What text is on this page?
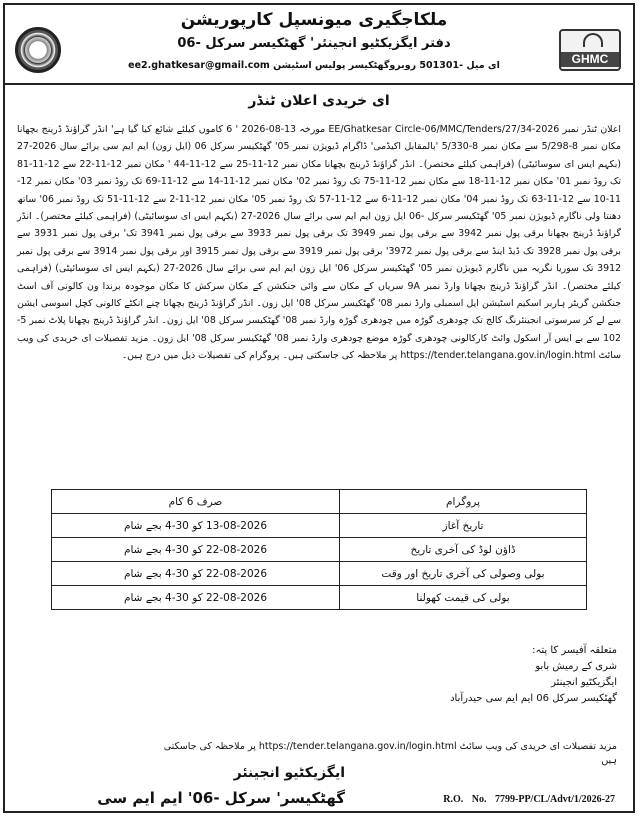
ملکاجگیری میونسپل کارپوریشن
دفتر ایگزیکٹیو انجینئر' گھٹکیسر سرکل -06
ee2.ghatkesar@gmail.com ای میل -501301 روبروگھٹکیسر پولیس اسٹیشن	GHMC
ای خریدی اعلان ٹنڈر
اعلان ٹنڈر نمبر 2026-27/34/EE/Ghatkesar Circle-06/MMC/Tenders مورخہ 13-08-2026 ' 6 کاموں کیلئے شائع کیا گیا ہے' انڈر گراؤنڈ ڈرینج بچھانا مکان نمبر 8-5/298 سے مکان نمبر 8-5/330 'بالمقابل اکیڈمی' ڈاگرام ڈیویژن نمبر 05' گھٹکیسر سرکل 06 (ایل زون) ایم ایم سی برائے سال 2026-27 (بکہم ایس ای سوسائیٹی) (فراہمی کیلئے مختصر)۔ انڈر گراؤنڈ ڈرینج بچھانا مکان نمبر 12-11-25 سے 12-11-44 ' مکان نمبر 12-11-22 سے 12-11-81 تک روڈ نمبر 01' مکان نمبر 12-11-18 سے مکان نمبر 12-11-75 تک روڈ نمبر 02' مکان نمبر 12-11-14 سے 12-11-69 تک روڈ نمبر 03' مکان نمبر 12-11-10 سے 12-11-63 تک روڈ نمبر 04' مکان نمبر 12-11-6 سے 12-11-57 تک روڈ نمبر 05' مکان نمبر 12-11-2 سے 12-11-51 تک روڈ نمبر 06' ساتھ دھنتا ولی ناگارم ڈیویژن نمبر 05' گھٹکیسر سرکل -06 ایل زون ایم ایم سی برائے سال 2026-27 (بکہم ایس ای سوسائیٹی) (فراہمی کیلئے مختصر)۔ انڈر گراؤنڈ ڈرینج بچھانا برقی پول نمبر 3942 سے برقی پول نمبر 3949 تک برقی پول نمبر 3933 سے برقی پول نمبر 3941 تک' برقی پول نمبر 3931 سے برقی پول نمبر 3928 تک ڈیڈ اینڈ سے برقی پول نمبر 3972' برقی پول نمبر 3919 سے برقی پول نمبر 3915 اور برقی پول نمبر 3914 سے برقی پول نمبر 3912 تک سوریا نگریہ میں ناگارم ڈیویژن نمبر 05' گھٹکیسر سرکل 06' ایل زون ایم ایم سی برائے سال 2026-27 (بکہم ایس ای سوسائیٹی) (فراہمی کیلئے مختصر)۔ انڈر گراؤنڈ ڈرینج بچھانا وارڈ نمبر 9A سریاں کے مکان سے وائی جنکشن کے مکان سرکش کا مکان موجودہ برندا ون کالونی آف اسٹ جنکشن گریٹر ہاربر اسکیم اسٹیشن ایل اسمبلی وارڈ نمبر 08' گھٹکیسر سرکل 08' ایل زون۔ انڈر گراؤنڈ ڈرینج بچھانا چنے انکٹے کالونی کچل اسوسی ایشن سے لے کر سرسوتی انجینئرنگ کالج تک چودھری گوڑہ میں چودھری گوڑہ وارڈ نمبر 08' گھٹکیسر سرکل 08' ایل زون۔ انڈر گراؤنڈ ڈرینج بچھانا پلاٹ نمبر 5-102 سے بے ایس آر اسکول وائٹ کارکالونی چودھری گوڑہ موضع چودھری وارڈ نمبر 08' گھٹکیسر سرکل 08' ایل زون۔ مزید تفصیلات ای خریدی کی ویب سائٹ https://tender.telangana.gov.in/login.html پر ملاحظہ کی جاسکتی ہیں۔ پروگرام کی تفصیلات ذیل میں درج ہیں۔
پروگرام	صرف 6 کام
تاریخ آغاز	13-08-2026 کو 30-4 بجے شام
ڈاؤن لوڈ کی آخری تاریخ	22-08-2026 کو 30-4 بجے شام
بولی وصولی کی آخری تاریخ اور وقت	22-08-2026 کو 30-4 بجے شام
بولی کی قیمت کھولنا	22-08-2026 کو 30-4 بجے شام
متعلقہ آفیسر کا پتہ:
شری کے رمیش بابو
ایگزیکٹیو انجینئر
گھٹکیسر سرکل 06 ایم ایم سی حیدرآباد
مزید تفصیلات ای خریدی کی ویب سائٹ https://tender.telangana.gov.in/login.html پر ملاحظہ کی جاسکتی ہیں
ایگزیکٹیو انجینئر
گھٹکیسر' سرکل -06' ایم ایم سی	R.O. No. 7799-PP/CL/Advt/1/2026-27
